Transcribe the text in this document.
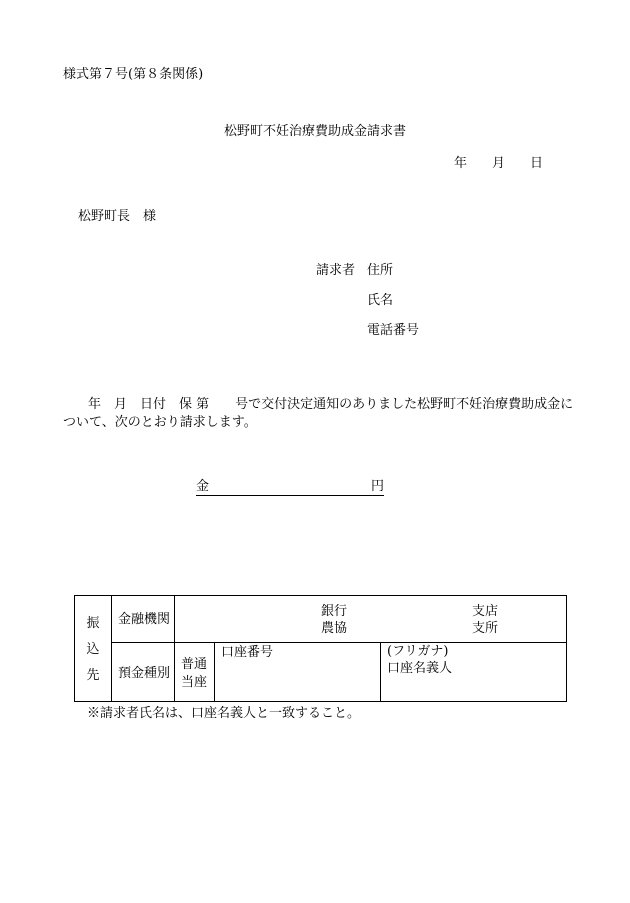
様式第７号(第８条関係)
松野町不妊治療費助成金請求書
年 月 日
松野町長　様
請求者 住所
氏名
電話番号
年　月　日付　保 第　　号で交付決定通知のありました松野町不妊治療費助成金に
ついて、次のとおり請求します。
金	円
振
込
先
金融機関
銀行
農協
支店
支所
預金種別
普通
当座
口座番号	(フリガナ)
口座名義人
※請求者氏名は、口座名義人と一致すること。
